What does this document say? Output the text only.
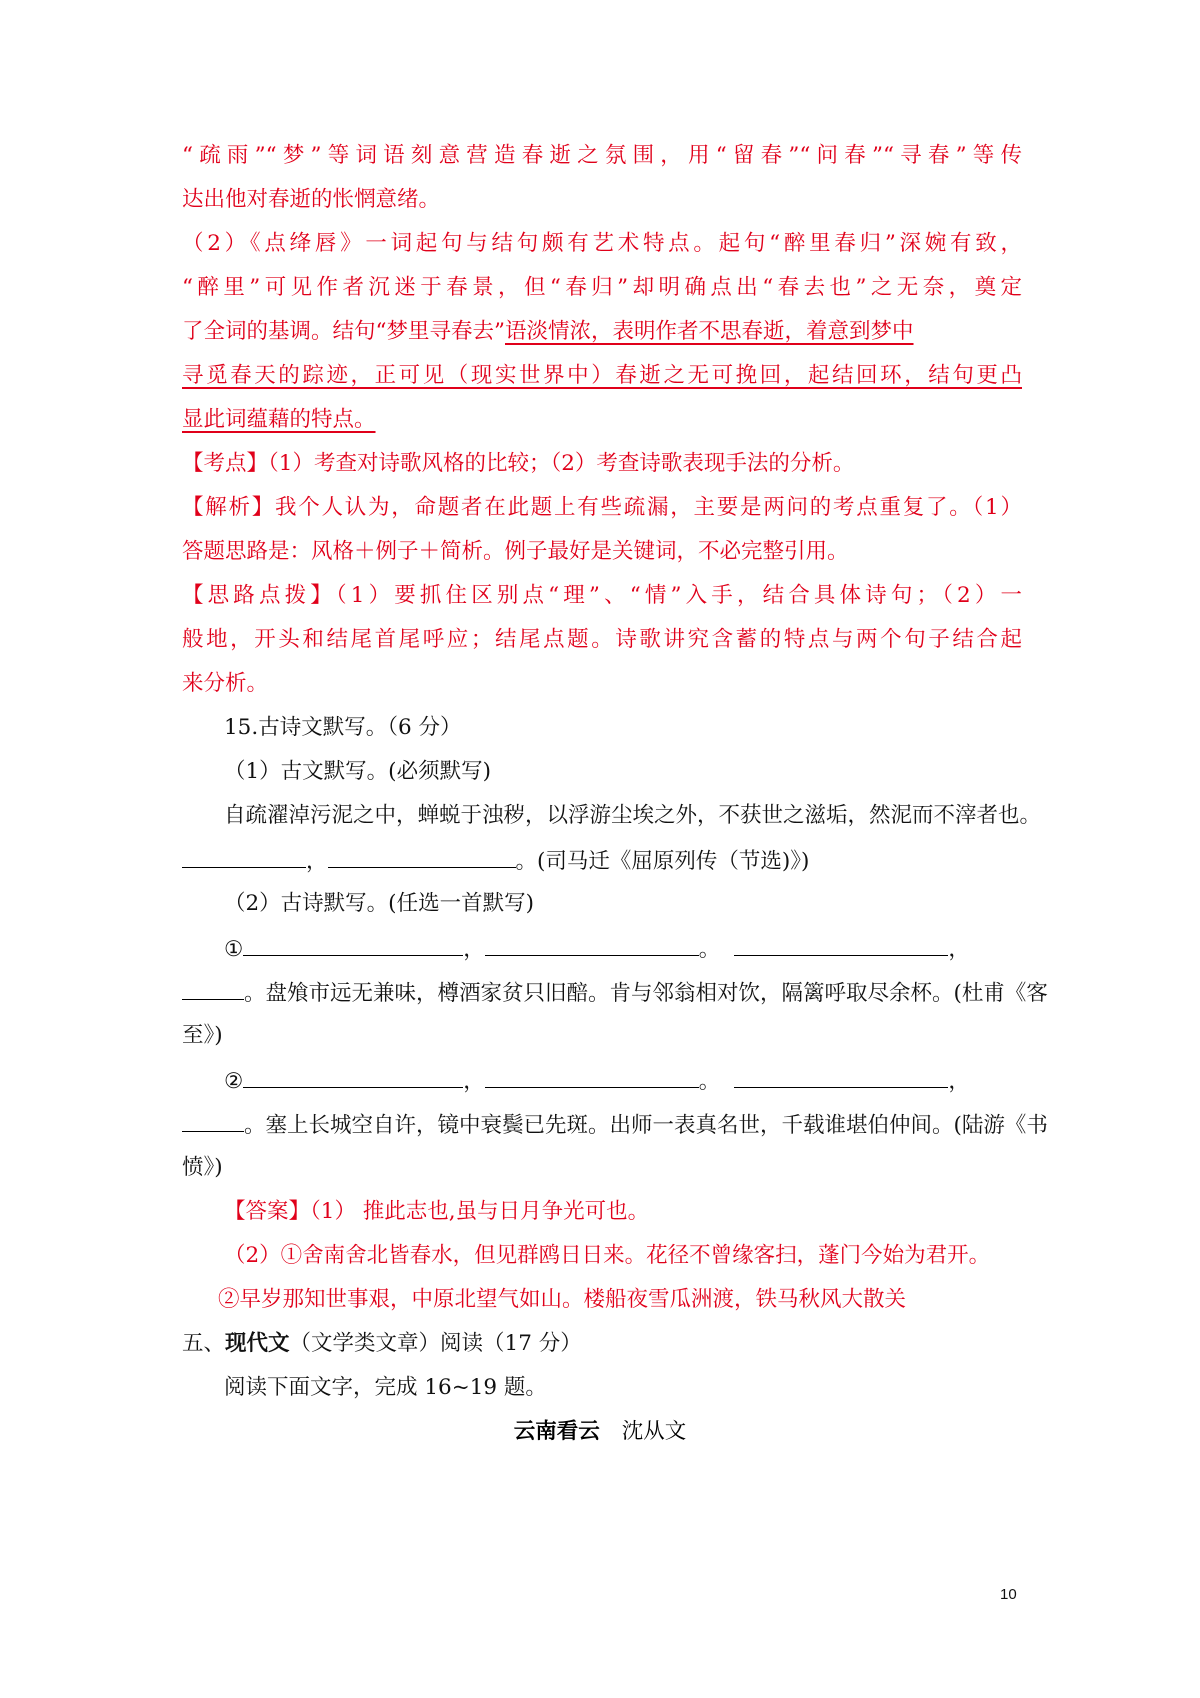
“疏雨”“梦”等词语刻意营造春逝之氛围，用“留春”“问春”“寻春”等传
达出他对春逝的怅惘意绪。
（2）《点绛唇》一词起句与结句颇有艺术特点。起句“醉里春归”深婉有致，
“醉里”可见作者沉迷于春景，但“春归”却明确点出“春去也”之无奈，奠定
了全词的基调。结句“梦里寻春去”语淡情浓，表明作者不思春逝，着意到梦中
寻觅春天的踪迹，正可见（现实世界中）春逝之无可挽回，起结回环，结句更凸
显此词蕴藉的特点。
【考点】（1）考查对诗歌风格的比较；（2）考查诗歌表现手法的分析。
【解析】我个人认为，命题者在此题上有些疏漏，主要是两问的考点重复了。（1）
答题思路是：风格＋例子＋简析。例子最好是关键词，不必完整引用。
【思路点拨】（1）要抓住区别点“理”、“情”入手，结合具体诗句；（2）一
般地，开头和结尾首尾呼应；结尾点题。诗歌讲究含蓄的特点与两个句子结合起
来分析。
15.古诗文默写。（6 分）
（1）古文默写。(必须默写)
自疏濯淖污泥之中，蝉蜕于浊秽，以浮游尘埃之外，不获世之滋垢，然泥而不滓者也。
，	。(司马迁《屈原列传（节选)》)
（2）古诗默写。(任选一首默写)
①	，	。	，
。盘飧市远无兼味，樽酒家贫只旧醅。肯与邻翁相对饮，隔篱呼取尽余杯。(杜甫《客
至》)
②	，	。	，
。塞上长城空自许，镜中衰鬓已先斑。出师一表真名世，千载谁堪伯仲间。(陆游《书
愤》)
【答案】（1） 推此志也,虽与日月争光可也。
（2）①舍南舍北皆春水，但见群鸥日日来。花径不曾缘客扫，蓬门今始为君开。
②早岁那知世事艰，中原北望气如山。楼船夜雪瓜洲渡，铁马秋风大散关
五、现代文（文学类文章）阅读（17 分）
阅读下面文字，完成 16~19 题。
云南看云 沈从文
10
